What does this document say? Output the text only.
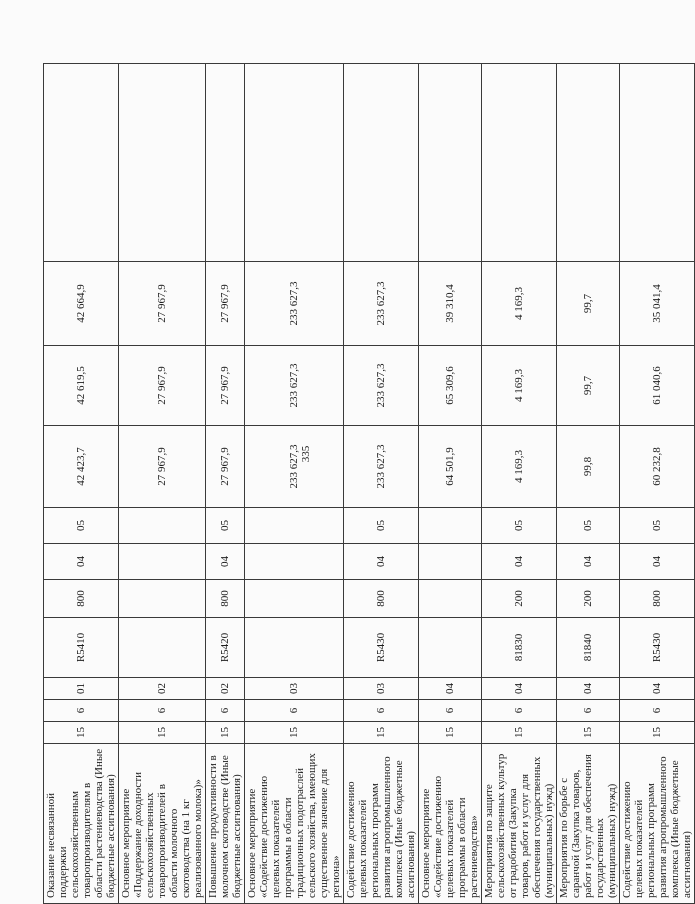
335
Оказание несвязанной поддержки сельскохозяйственным товаропроизводителям в области растениеводства (Иные бюджетные ассигнования)	15	6	01	R5410	800	04	05	42 423,7	42 619,5	42 664,9	
Основное мероприятие «Поддержание доходности сельскохозяйственных товаропроизводителей в области молочного скотоводства (на 1 кг реализованного молока)»	15	6	02					27 967,9	27 967,9	27 967,9	
Повышение продуктивности в молочном скотоводстве (Иные бюджетные ассигнования)	15	6	02	R5420	800	04	05	27 967,9	27 967,9	27 967,9	
Основное мероприятие «Содействие достижению целевых показателей программы в области традиционных подотраслей сельского хозяйства, имеющих существенное значение для региона»	15	6	03					233 627,3	233 627,3	233 627,3	
Содействие достижению целевых показателей региональных программ развития агропромышленного комплекса (Иные бюджетные ассигнования)	15	6	03	R5430	800	04	05	233 627,3	233 627,3	233 627,3	
Основное мероприятие «Содействие достижению целевых показателей программы в области растениеводства»	15	6	04					64 501,9	65 309,6	39 310,4	
Мероприятия по защите сельскохозяйственных культур от градобития (Закупка товаров, работ и услуг для обеспечения государственных (муниципальных) нужд)	15	6	04	81830	200	04	05	4 169,3	4 169,3	4 169,3	
Мероприятия по борьбе с саранчой (Закупка товаров, работ и услуг для обеспечения государственных (муниципальных) нужд)	15	6	04	81840	200	04	05	99,8	99,7	99,7	
Содействие достижению целевых показателей региональных программ развития агропромышленного комплекса (Иные бюджетные ассигнования)	15	6	04	R5430	800	04	05	60 232,8	61 040,6	35 041,4	
